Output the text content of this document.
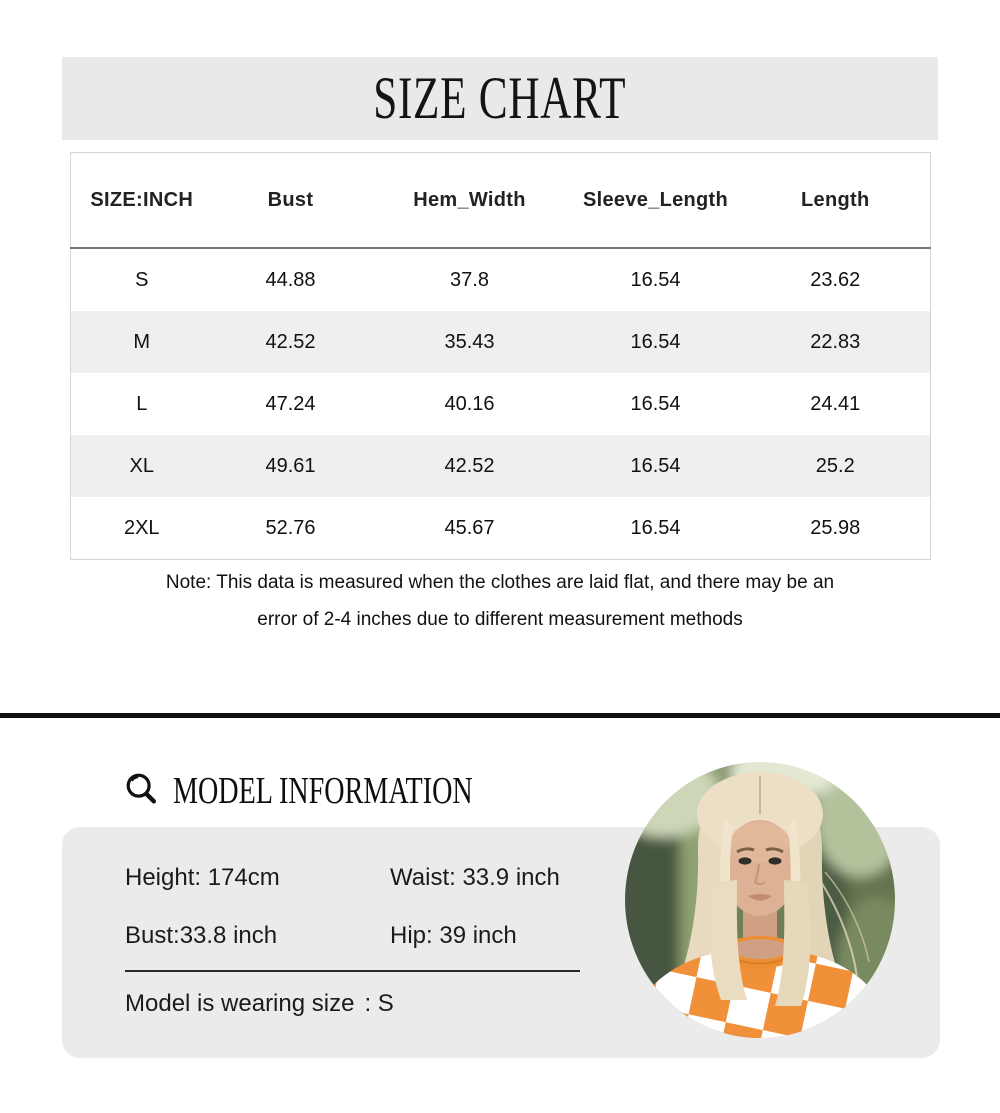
SIZE CHART
SIZE:INCH	Bust	Hem_Width	Sleeve_Length	Length
S	44.88	37.8	16.54	23.62
M	42.52	35.43	16.54	22.83
L	47.24	40.16	16.54	24.41
XL	49.61	42.52	16.54	25.2
2XL	52.76	45.67	16.54	25.98
Note: This data is measured when the clothes are laid flat, and there may be an
error of 2-4 inches due to different measurement methods
MODEL INFORMATION
Height: 174cm	Waist: 33.9 inch
Bust:33.8 inch	Hip: 39 inch
Model is wearing size : S
